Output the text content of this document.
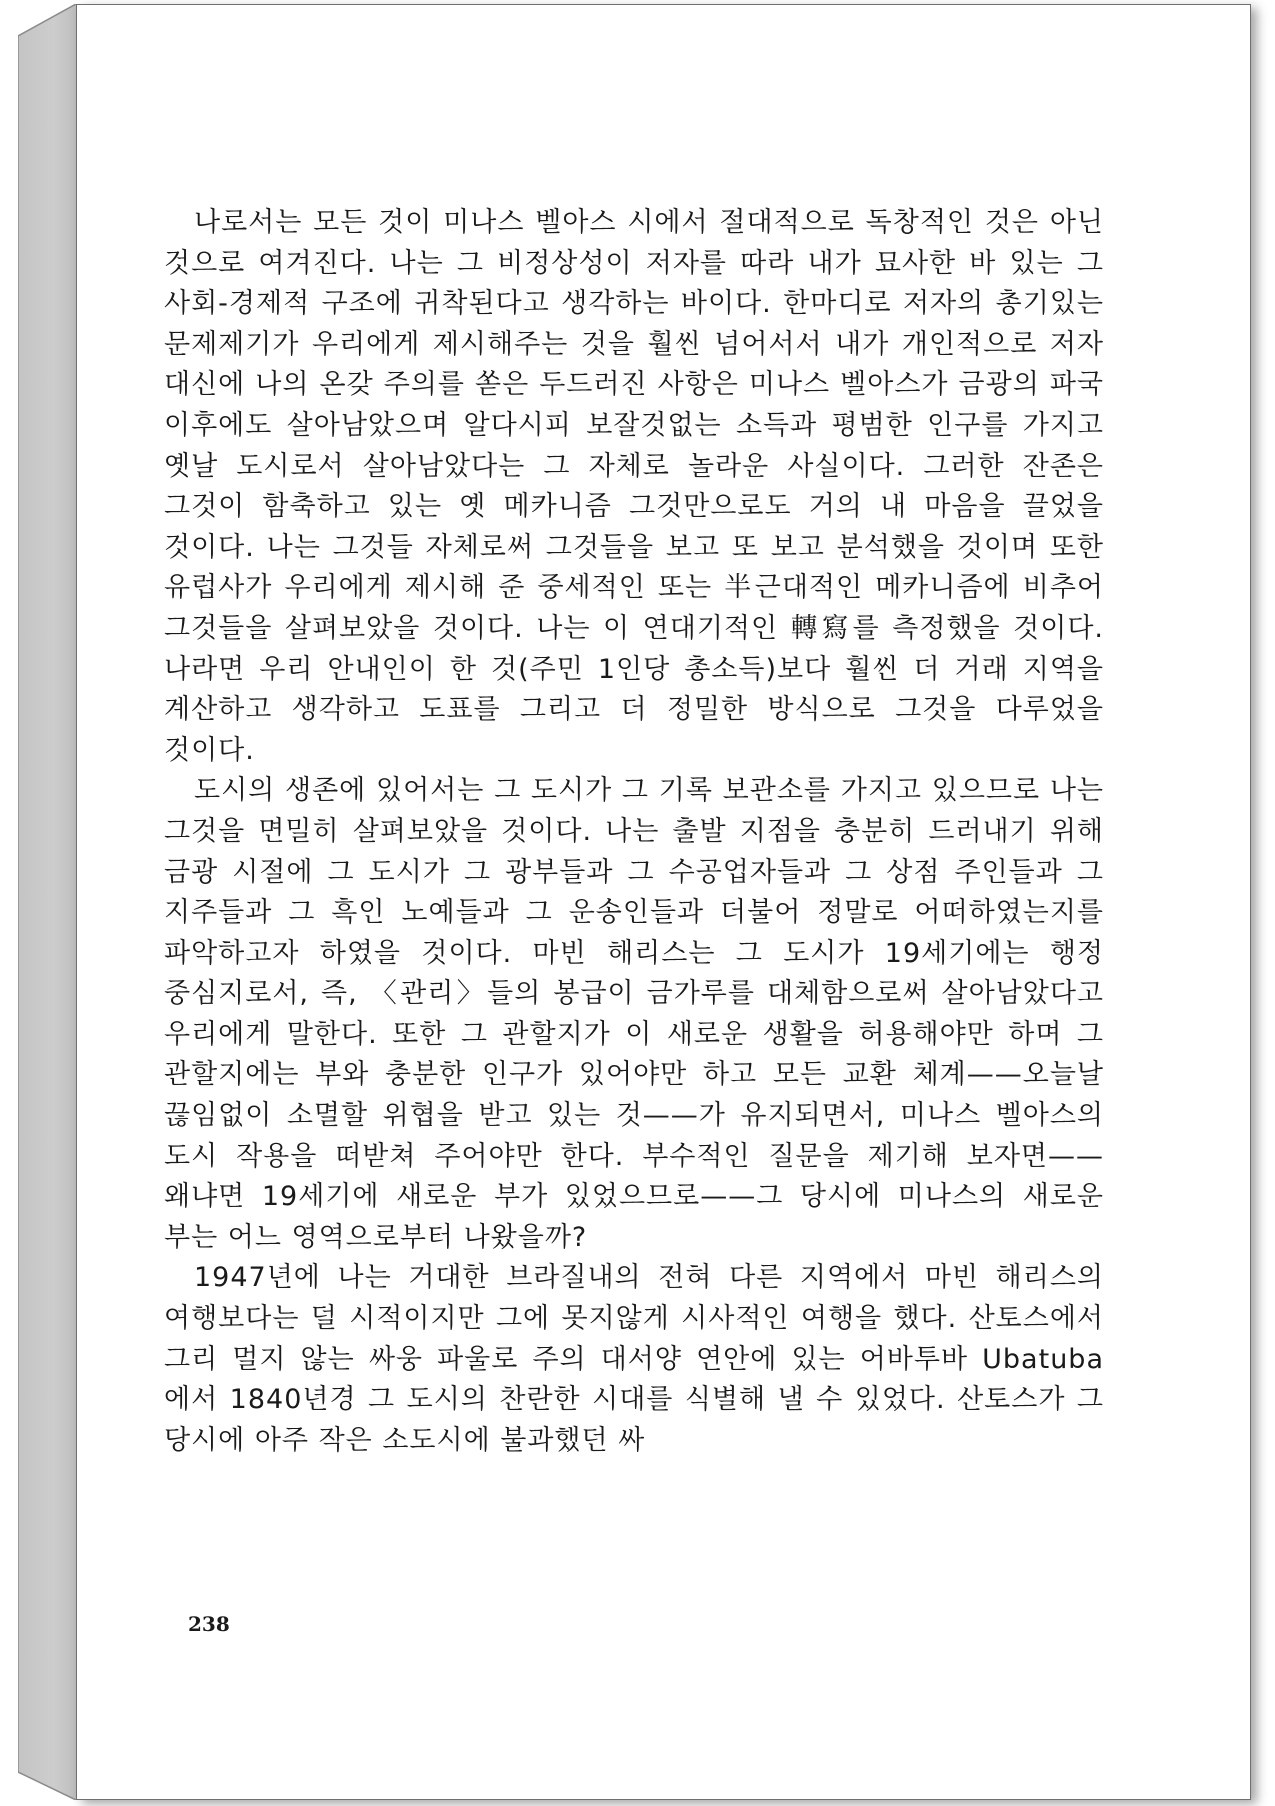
나로서는 모든 것이 미나스 벨아스 시에서 절대적으로 독창적인 것은 아닌 것으로 여겨진다. 나는 그 비정상성이 저자를 따라 내가 묘사한 바 있는 그 사회-경제적 구조에 귀착된다고 생각하는 바이다. 한마디로 저자의 총기있는 문제제기가 우리에게 제시해주는 것을 훨씬 넘어서서 내가 개인적으로 저자 대신에 나의 온갖 주의를 쏟은 두드러진 사항은 미나스 벨아스가 금광의 파국 이후에도 살아남았으며 알다시피 보잘것없는 소득과 평범한 인구를 가지고 옛날 도시로서 살아남았다는 그 자체로 놀라운 사실이다. 그러한 잔존은 그것이 함축하고 있는 옛 메카니즘 그것만으로도 거의 내 마음을 끌었을 것이다. 나는 그것들 자체로써 그것들을 보고 또 보고 분석했을 것이며 또한 유럽사가 우리에게 제시해 준 중세적인 또는 半근대적인 메카니즘에 비추어 그것들을 살펴보았을 것이다. 나는 이 연대기적인 轉寫를 측정했을 것이다. 나라면 우리 안내인이 한 것(주민 1인당 총소득)보다 훨씬 더 거래 지역을 계산하고 생각하고 도표를 그리고 더 정밀한 방식으로 그것을 다루었을 것이다.

도시의 생존에 있어서는 그 도시가 그 기록 보관소를 가지고 있으므로 나는 그것을 면밀히 살펴보았을 것이다. 나는 출발 지점을 충분히 드러내기 위해 금광 시절에 그 도시가 그 광부들과 그 수공업자들과 그 상점 주인들과 그 지주들과 그 흑인 노예들과 그 운송인들과 더불어 정말로 어떠하였는지를 파악하고자 하였을 것이다. 마빈 해리스는 그 도시가 19세기에는 행정 중심지로서, 즉, 〈관리〉들의 봉급이 금가루를 대체함으로써 살아남았다고 우리에게 말한다. 또한 그 관할지가 이 새로운 생활을 허용해야만 하며 그 관할지에는 부와 충분한 인구가 있어야만 하고 모든 교환 체계——오늘날 끊임없이 소멸할 위협을 받고 있는 것——가 유지되면서, 미나스 벨아스의 도시 작용을 떠받쳐 주어야만 한다. 부수적인 질문을 제기해 보자면——왜냐면 19세기에 새로운 부가 있었으므로——그 당시에 미나스의 새로운 부는 어느 영역으로부터 나왔을까?

1947년에 나는 거대한 브라질내의 전혀 다른 지역에서 마빈 해리스의 여행보다는 덜 시적이지만 그에 못지않게 시사적인 여행을 했다. 산토스에서 그리 멀지 않는 싸웅 파울로 주의 대서양 연안에 있는 어바투바 Ubatuba 에서 1840년경 그 도시의 찬란한 시대를 식별해 낼 수 있었다. 산토스가 그 당시에 아주 작은 소도시에 불과했던 싸

238
